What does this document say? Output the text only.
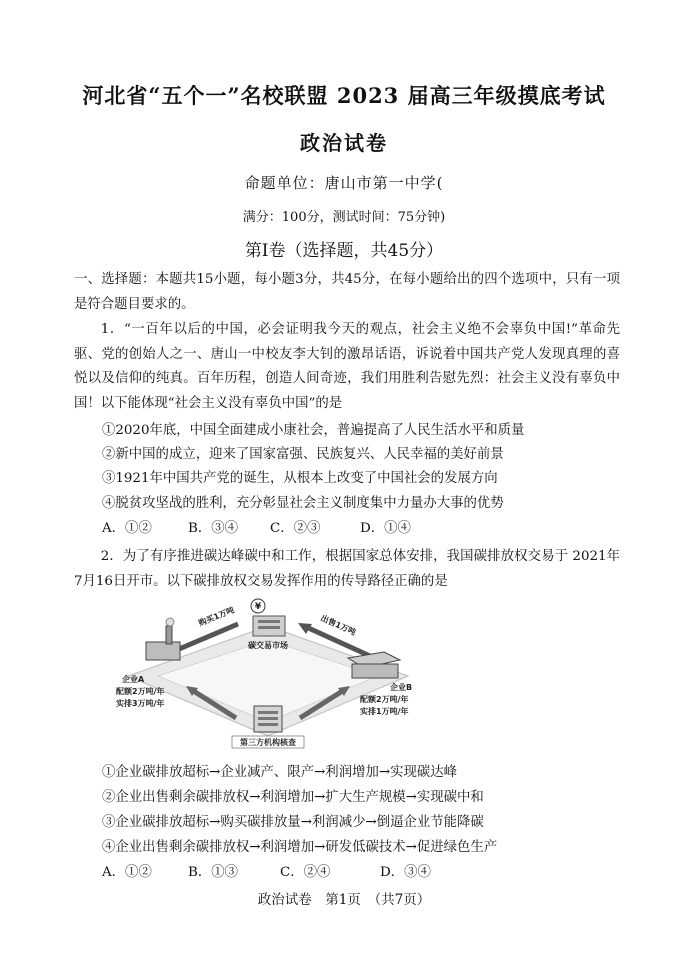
河北省“五个一”名校联盟 2023 届高三年级摸底考试
政治试卷
命题单位：唐山市第一中学(
满分：100分，测试时间：75分钟)
第Ⅰ卷（选择题，共45分）
一、选择题：本题共15小题，每小题3分，共45分，在每小题给出的四个选项中，只有一项是符合题目要求的。
1．“一百年以后的中国，必会证明我今天的观点，社会主义绝不会辜负中国!”革命先驱、党的创始人之一、唐山一中校友李大钊的激昂话语，诉说着中国共产党人发现真理的喜悦以及信仰的纯真。百年历程，创造人间奇迹，我们用胜利告慰先烈：社会主义没有辜负中国！以下能体现“社会主义没有辜负中国”的是
①2020年底，中国全面建成小康社会，普遍提高了人民生活水平和质量
②新中国的成立，迎来了国家富强、民族复兴、人民幸福的美好前景
③1921年中国共产党的诞生，从根本上改变了中国社会的发展方向
④脱贫攻坚战的胜利，充分彰显社会主义制度集中力量办大事的优势
A．①②	B．③④ C．②③	D．①④
2．为了有序推进碳达峰碳中和工作，根据国家总体安排，我国碳排放权交易于 2021年7月16日开市。以下碳排放权交易发挥作用的传导路径正确的是
¥
碳交易市场
企业A
配额2万吨/年
实排3万吨/年
企业B
配额2万吨/年
实排1万吨/年
第三方机构核查
购买1万吨	出售1万吨
①企业碳排放超标→企业减产、限产→利润增加→实现碳达峰
②企业出售剩余碳排放权→利润增加→扩大生产规模→实现碳中和
③企业碳排放超标→购买碳排放量→利润减少→倒逼企业节能降碳
④企业出售剩余碳排放权→利润增加→研发低碳技术→促进绿色生产
A．①②	B．①③	C．②④	D．③④
政治试卷　第1页　（共7页）
